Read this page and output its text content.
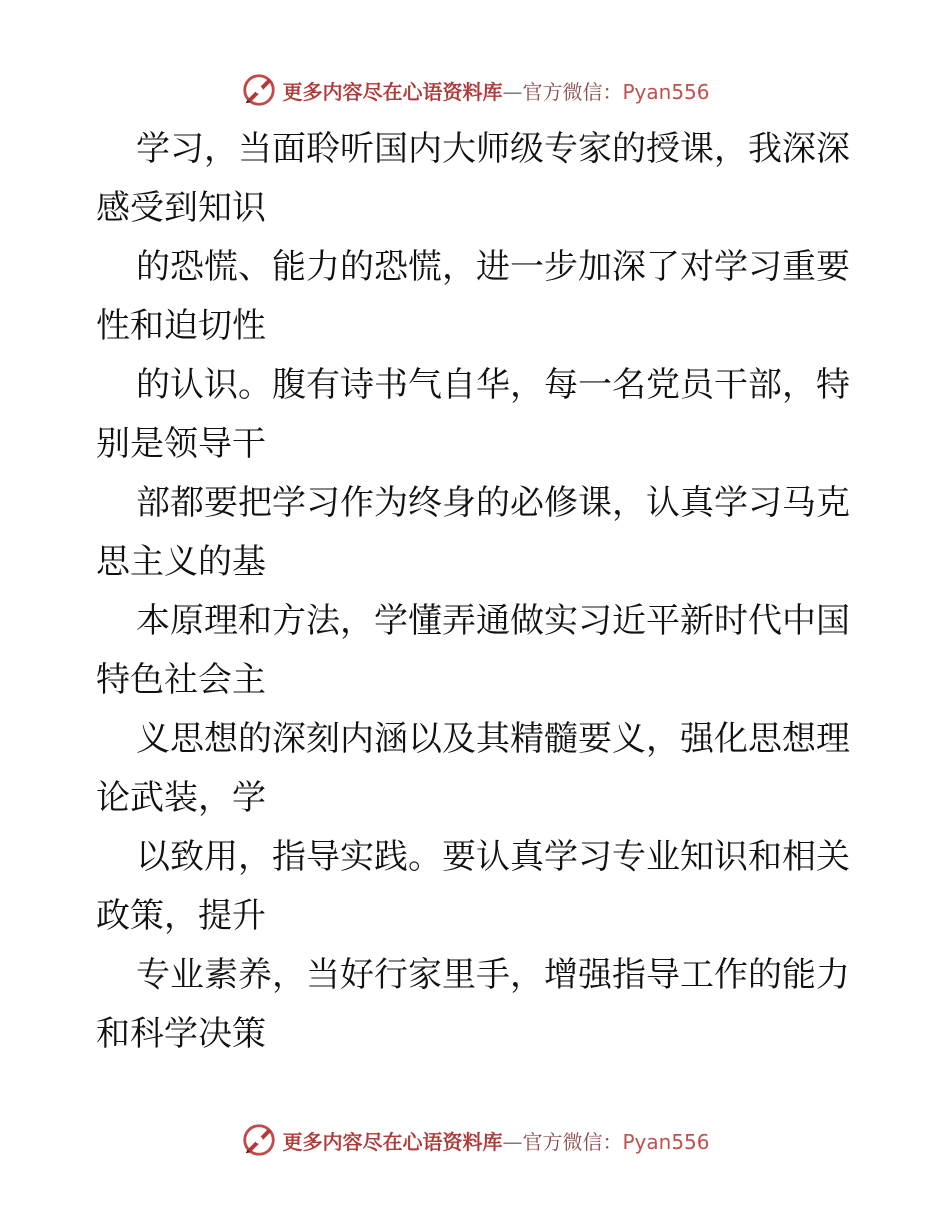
更多内容尽在心语资料库—官方微信：Pyan556

学习，当面聆听国内大师级专家的授课，我深深
感受到知识

的恐慌、能力的恐慌，进一步加深了对学习重要
性和迫切性

的认识。腹有诗书气自华，每一名党员干部，特
别是领导干

部都要把学习作为终身的必修课，认真学习马克
思主义的基

本原理和方法，学懂弄通做实习近平新时代中国
特色社会主

义思想的深刻内涵以及其精髓要义，强化思想理
论武装，学

以致用，指导实践。要认真学习专业知识和相关
政策，提升

专业素养，当好行家里手，增强指导工作的能力
和科学决策

更多内容尽在心语资料库—官方微信：Pyan556
